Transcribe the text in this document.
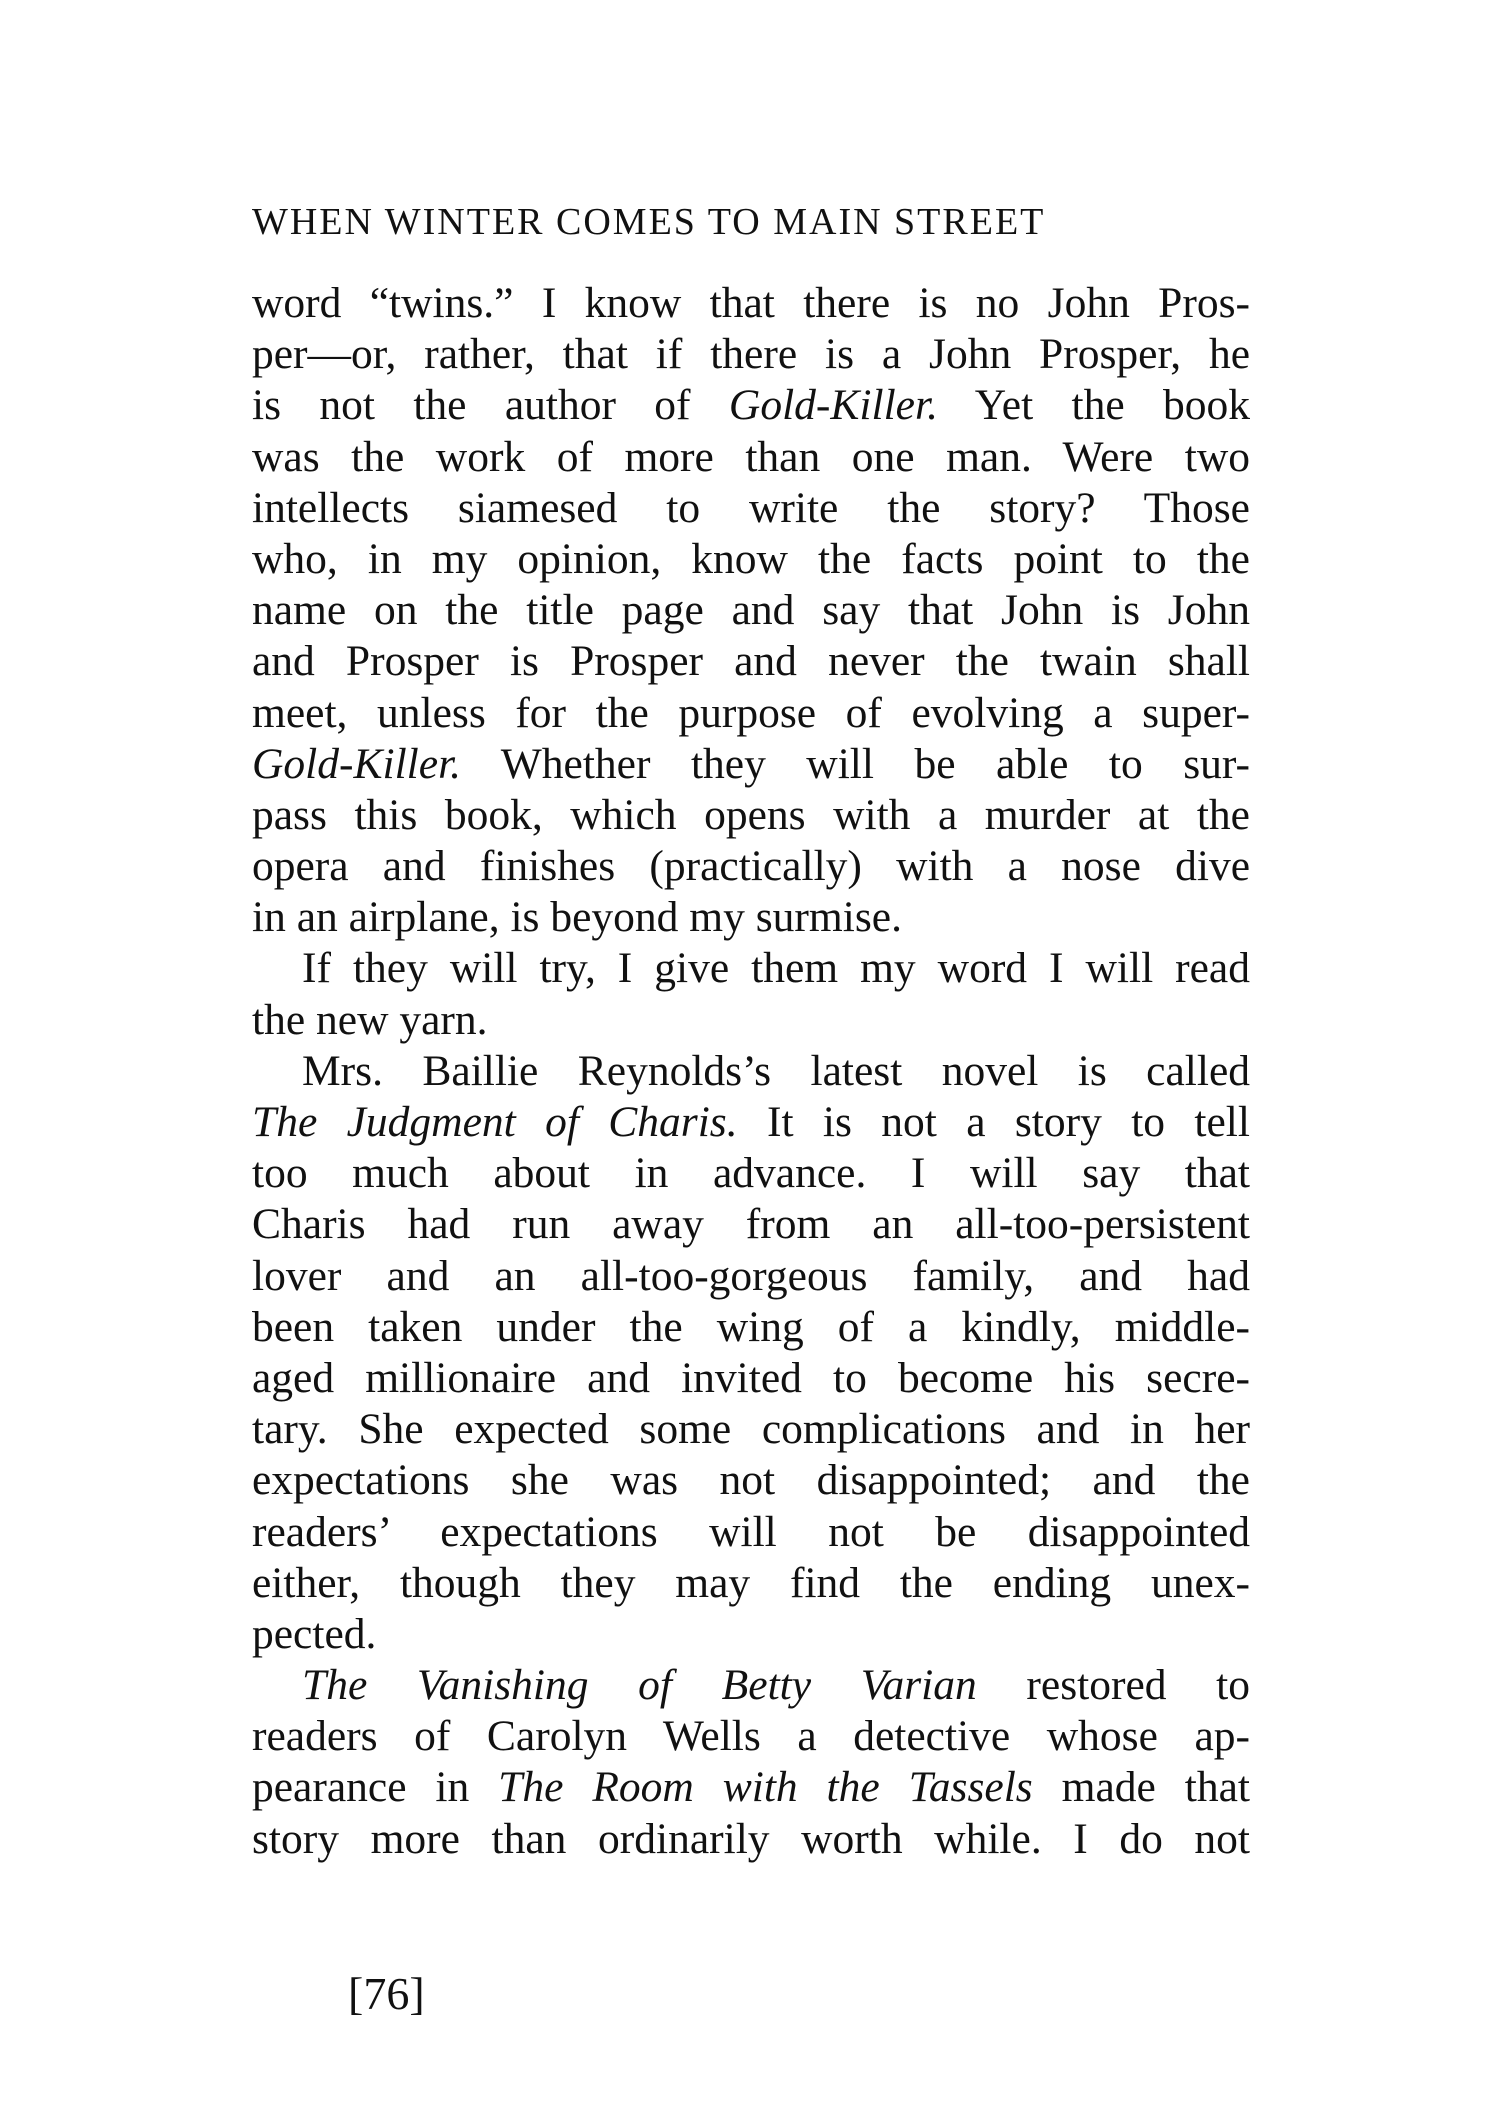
WHEN WINTER COMES TO MAIN STREET
word “twins.” I know that there is no John Pros-
per—or, rather, that if there is a John Prosper, he
is not the author of Gold-Killer. Yet the book
was the work of more than one man. Were two
intellects siamesed to write the story? Those
who, in my opinion, know the facts point to the
name on the title page and say that John is John
and Prosper is Prosper and never the twain shall
meet, unless for the purpose of evolving a super-
Gold-Killer. Whether they will be able to sur-
pass this book, which opens with a murder at the
opera and finishes (practically) with a nose dive
in an airplane, is beyond my surmise.
If they will try, I give them my word I will read
the new yarn.
Mrs. Baillie Reynolds’s latest novel is called
The Judgment of Charis. It is not a story to tell
too much about in advance. I will say that
Charis had run away from an all-too-persistent
lover and an all-too-gorgeous family, and had
been taken under the wing of a kindly, middle-
aged millionaire and invited to become his secre-
tary. She expected some complications and in her
expectations she was not disappointed; and the
readers’ expectations will not be disappointed
either, though they may find the ending unex-
pected.
The Vanishing of Betty Varian restored to
readers of Carolyn Wells a detective whose ap-
pearance in The Room with the Tassels made that
story more than ordinarily worth while. I do not
[76]
